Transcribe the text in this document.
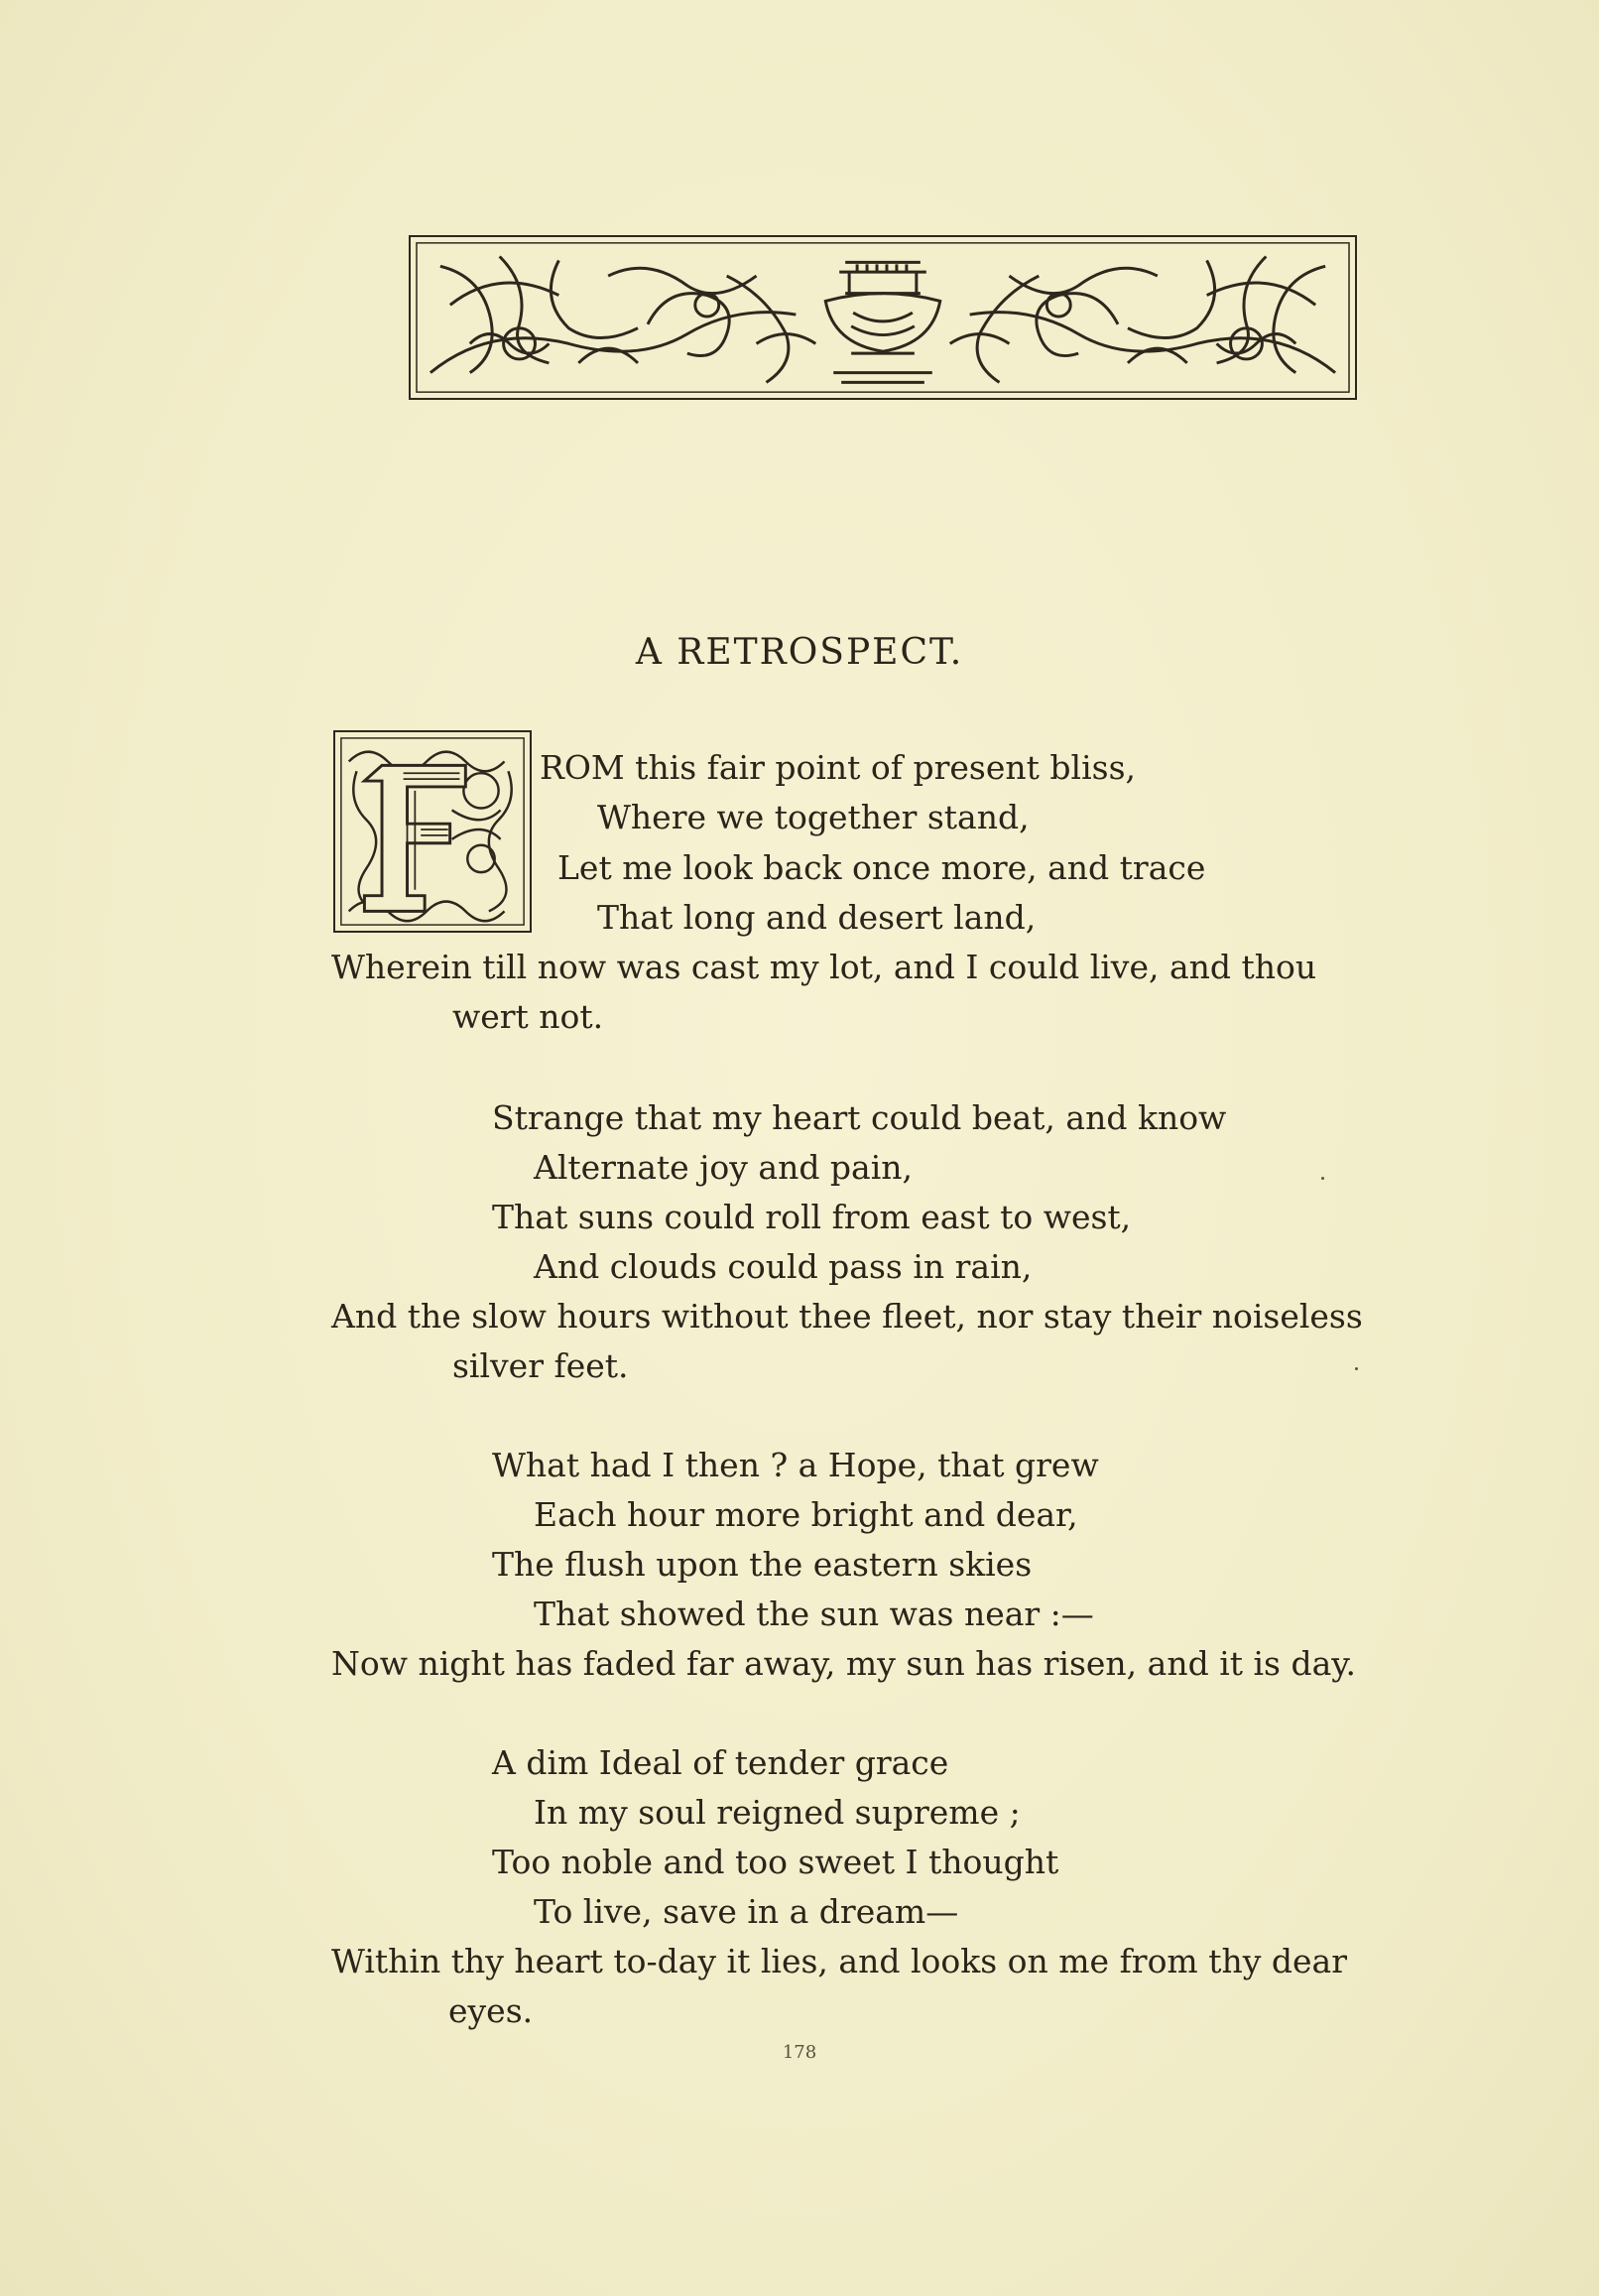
A RETROSPECT.
ROM this fair point of present bliss,
Where we together stand,
Let me look back once more, and trace
That long and desert land,
Wherein till now was cast my lot, and I could live, and thou
wert not.
Strange that my heart could beat, and know
Alternate joy and pain,
That suns could roll from east to west,
And clouds could pass in rain,
And the slow hours without thee fleet, nor stay their noiseless
silver feet.
What had I then ? a Hope, that grew
Each hour more bright and dear,
The flush upon the eastern skies
That showed the sun was near :—
Now night has faded far away, my sun has risen, and it is day.
A dim Ideal of tender grace
In my soul reigned supreme ;
Too noble and too sweet I thought
To live, save in a dream—
Within thy heart to-day it lies, and looks on me from thy dear
eyes.
178
